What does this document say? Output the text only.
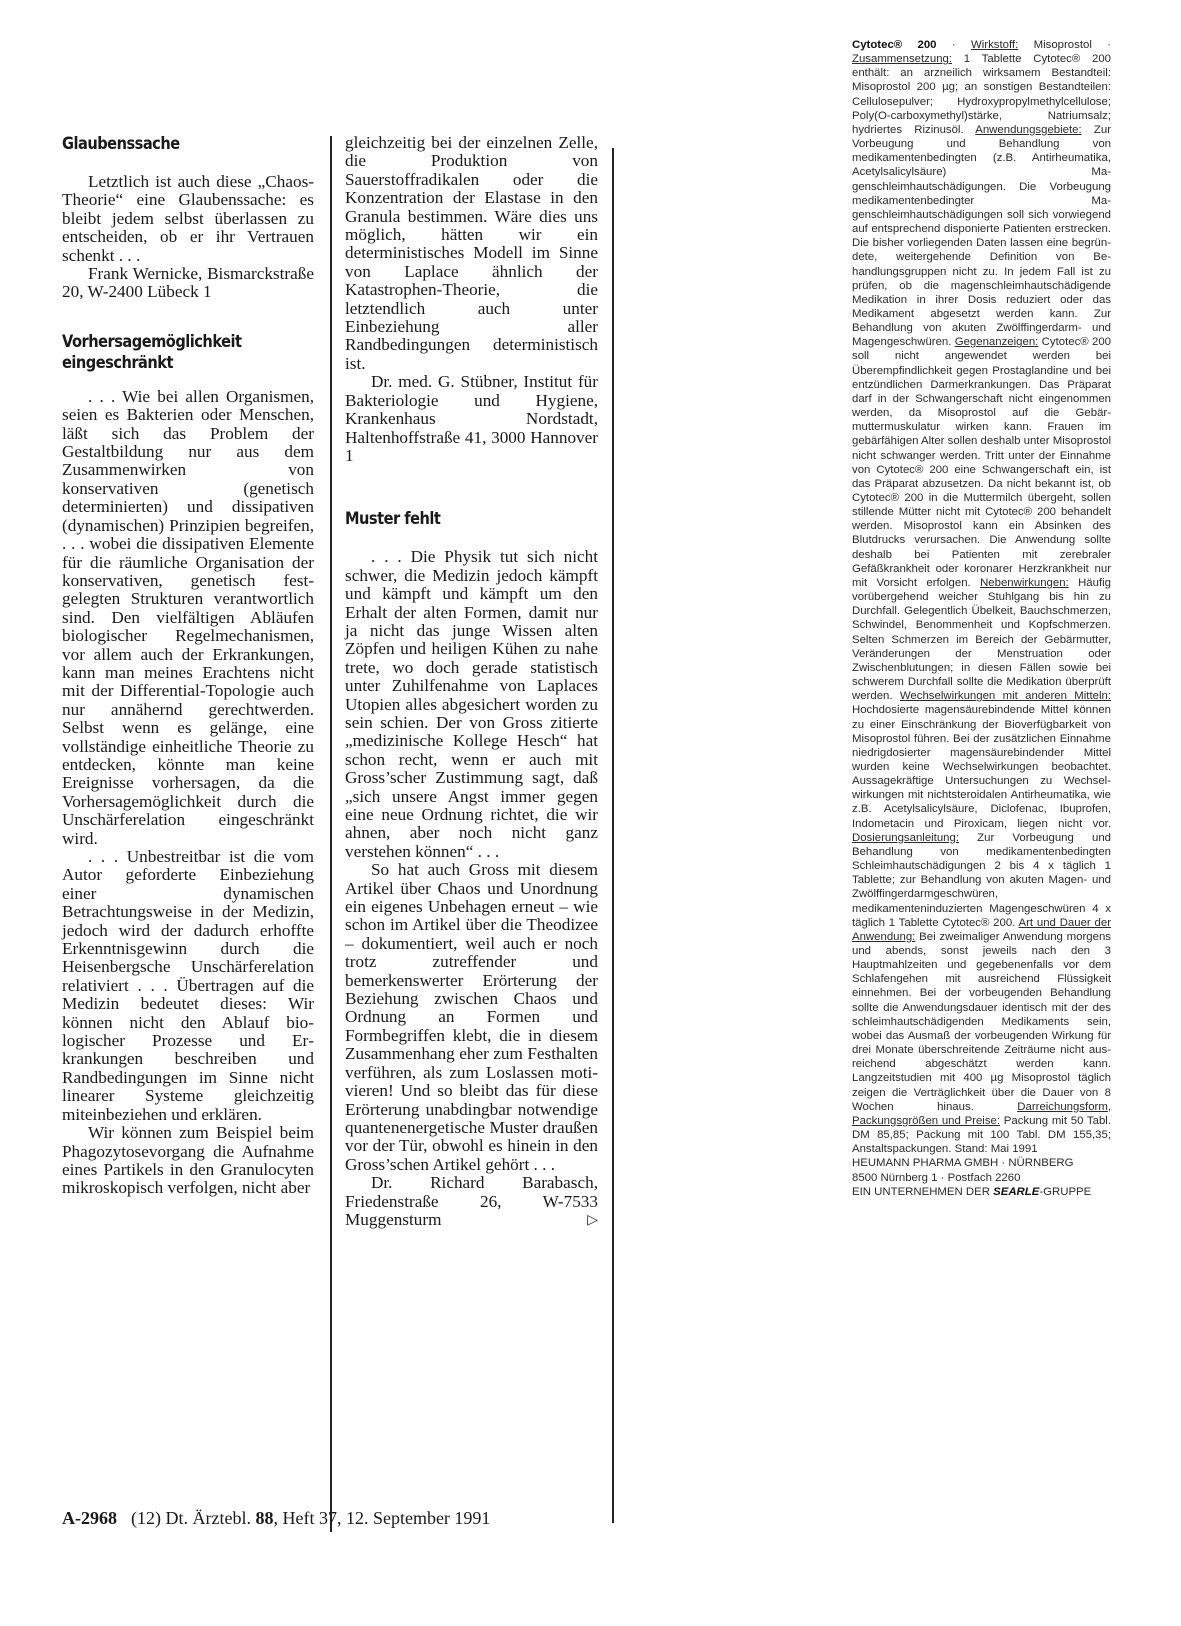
Glaubenssache

Letztlich ist auch diese „Chaos-Theorie“ eine Glaubenssache: es bleibt jedem selbst überlassen zu entscheiden, ob er ihr Vertrauen schenkt . . .

Frank Wernicke, Bismarckstraße 20, W-2400 Lübeck 1

Vorhersagemöglichkeit
eingeschränkt

. . . Wie bei allen Organismen, seien es Bakterien oder Menschen, läßt sich das Problem der Gestaltbildung nur aus dem Zusammenwirken von konservativen (genetisch determinierten) und dissipativen (dynamischen) Prinzipien begreifen, . . . wobei die dissipativen Elemente für die räumliche Organisation der konservativen, genetisch festgelegten Strukturen verantwortlich sind. Den vielfältigen Abläufen biologischer Regelmechanismen, vor allem auch der Erkrankungen, kann man meines Erachtens nicht mit der Differential-Topologie auch nur annähernd gerechtwerden. Selbst wenn es gelänge, eine vollständige einheitliche Theorie zu entdecken, könnte man keine Ereignisse vorhersagen, da die Vorhersagemöglichkeit durch die Unschärferelation eingeschränkt wird.

. . . Unbestreitbar ist die vom Autor geforderte Einbeziehung einer dynamischen Betrachtungsweise in der Medizin, jedoch wird der dadurch erhoffte Erkenntnisgewinn durch die Heisenbergsche Unschärferelation relativiert . . . Übertragen auf die Medizin bedeutet dieses: Wir können nicht den Ablauf biologischer Prozesse und Erkrankungen beschreiben und Randbedingungen im Sinne nicht linearer Systeme gleichzeitig miteinbeziehen und erklären.

Wir können zum Beispiel beim Phagozytosevorgang die Aufnahme eines Partikels in den Granulocyten mikroskopisch verfolgen, nicht aber

gleichzeitig bei der einzelnen Zelle, die Produktion von Sauerstoffradikalen oder die Konzentration der Elastase in den Granula bestimmen. Wäre dies uns möglich, hätten wir ein deterministisches Modell im Sinne von Laplace ähnlich der Katastrophen-Theorie, die letztendlich auch unter Einbeziehung aller Randbedingungen deterministisch ist.

Dr. med. G. Stübner, Institut für Bakteriologie und Hygiene, Krankenhaus Nordstadt, Haltenhoffstraße 41, 3000 Hannover 1

Muster fehlt

. . . Die Physik tut sich nicht schwer, die Medizin jedoch kämpft und kämpft und kämpft um den Erhalt der alten Formen, damit nur ja nicht das junge Wissen alten Zöpfen und heiligen Kühen zu nahe trete, wo doch gerade statistisch unter Zuhilfenahme von Laplaces Utopien alles abgesichert worden zu sein schien. Der von Gross zitierte „medizinische Kollege Hesch“ hat schon recht, wenn er auch mit Gross’scher Zustimmung sagt, daß „sich unsere Angst immer gegen eine neue Ordnung richtet, die wir ahnen, aber noch nicht ganz verstehen können“ . . .

So hat auch Gross mit diesem Artikel über Chaos und Unordnung ein eigenes Unbehagen erneut – wie schon im Artikel über die Theodizee – dokumentiert, weil auch er noch trotz zutreffender und bemerkenswerter Erörterung der Beziehung zwischen Chaos und Ordnung an Formen und Formbegriffen klebt, die in diesem Zusammenhang eher zum Festhalten verführen, als zum Loslassen motivieren! Und so bleibt das für diese Erörterung unabdingbar notwendige quantenenergetische Muster draußen vor der Tür, obwohl es hinein in den Gross’schen Artikel gehört . . .

Dr. Richard Barabasch, Friedenstraße 26, W-7533 Muggensturm	▷

Cytotec® 200 · Wirkstoff: Misoprostol · Zusammensetzung: 1 Tablette Cytotec® 200 enthält: an arzneilich wirksamem Bestandteil: Misoprostol 200 µg; an sonstigen Bestandteilen: Cellulosepulver; Hydroxypropylmethylcellulose; Poly(O-carboxymethyl)stärke, Natriumsalz; hydriertes Rizinusöl. Anwendungsgebiete: Zur Vorbeugung und Behandlung von medikamentenbedingten (z.B. Antirheumatika, Acetylsalicylsäure) Magenschleimhautschädigungen. Die Vorbeugung medikamentenbedingter Magenschleimhautschädigungen soll sich vorwiegend auf entsprechend disponierte Patienten erstrecken. Die bisher vorliegenden Daten lassen eine begründete, weitergehende Definition von Behandlungsgruppen nicht zu. In jedem Fall ist zu prüfen, ob die magenschleimhautschädigende Medikation in ihrer Dosis reduziert oder das Medikament abgesetzt werden kann. Zur Behandlung von akuten Zwölffingerdarm- und Magengeschwüren. Gegenanzeigen: Cytotec® 200 soll nicht angewendet werden bei Überempfindlichkeit gegen Prostaglandine und bei entzündlichen Darmerkrankungen. Das Präparat darf in der Schwangerschaft nicht eingenommen werden, da Misoprostol auf die Gebärmuttermuskulatur wirken kann. Frauen im gebärfähigen Alter sollen deshalb unter Misoprostol nicht schwanger werden. Tritt unter der Einnahme von Cytotec® 200 eine Schwangerschaft ein, ist das Präparat abzusetzen. Da nicht bekannt ist, ob Cytotec® 200 in die Muttermilch übergeht, sollen stillende Mütter nicht mit Cytotec® 200 behandelt werden. Misoprostol kann ein Absinken des Blutdrucks verursachen. Die Anwendung sollte deshalb bei Patienten mit zerebraler Gefäßkrankheit oder koronarer Herzkrankheit nur mit Vorsicht erfolgen. Nebenwirkungen: Häufig vorübergehend weicher Stuhlgang bis hin zu Durchfall. Gelegentlich Übelkeit, Bauchschmerzen, Schwindel, Benommenheit und Kopfschmerzen. Selten Schmerzen im Bereich der Gebärmutter, Veränderungen der Menstruation oder Zwischenblutungen; in diesen Fällen sowie bei schwerem Durchfall sollte die Medikation überprüft werden. Wechselwirkungen mit anderen Mitteln: Hochdosierte magensäurebindende Mittel können zu einer Einschränkung der Bioverfügbarkeit von Misoprostol führen. Bei der zusätzlichen Einnahme niedrigdosierter magensäurebindender Mittel wurden keine Wechselwirkungen beobachtet. Aussagekräftige Untersuchungen zu Wechselwirkungen mit nichtsteroidalen Antirheumatika, wie z.B. Acetylsalicylsäure, Diclofenac, Ibuprofen, Indometacin und Piroxicam, liegen nicht vor. Dosierungsanleitung: Zur Vorbeugung und Behandlung von medikamentenbedingten Schleimhautschädigungen 2 bis 4 x täglich 1 Tablette; zur Behandlung von akuten Magen- und Zwölffingerdarmgeschwüren, medikamenteninduzierten Magengeschwüren 4 x täglich 1 Tablette Cytotec® 200. Art und Dauer der Anwendung: Bei zweimaliger Anwendung morgens und abends, sonst jeweils nach den 3 Hauptmahlzeiten und gegebenenfalls vor dem Schlafengehen mit ausreichend Flüssigkeit einnehmen. Bei der vorbeugenden Behandlung sollte die Anwendungsdauer identisch mit der des schleimhautschädigenden Medikaments sein, wobei das Ausmaß der vorbeugenden Wirkung für drei Monate überschreitende Zeiträume nicht ausreichend abgeschätzt werden kann. Langzeitstudien mit 400 µg Misoprostol täglich zeigen die Verträglichkeit über die Dauer von 8 Wochen hinaus. Darreichungsform, Packungsgrößen und Preise: Packung mit 50 Tabl. DM 85,85; Packung mit 100 Tabl. DM 155,35; Anstaltspackungen. Stand: Mai 1991
HEUMANN PHARMA GMBH · NÜRNBERG
8500 Nürnberg 1 · Postfach 2260
EIN UNTERNEHMEN DER SEARLE-GRUPPE
A-2968 (12) Dt. Ärztebl. 88, Heft 37, 12. September 1991
